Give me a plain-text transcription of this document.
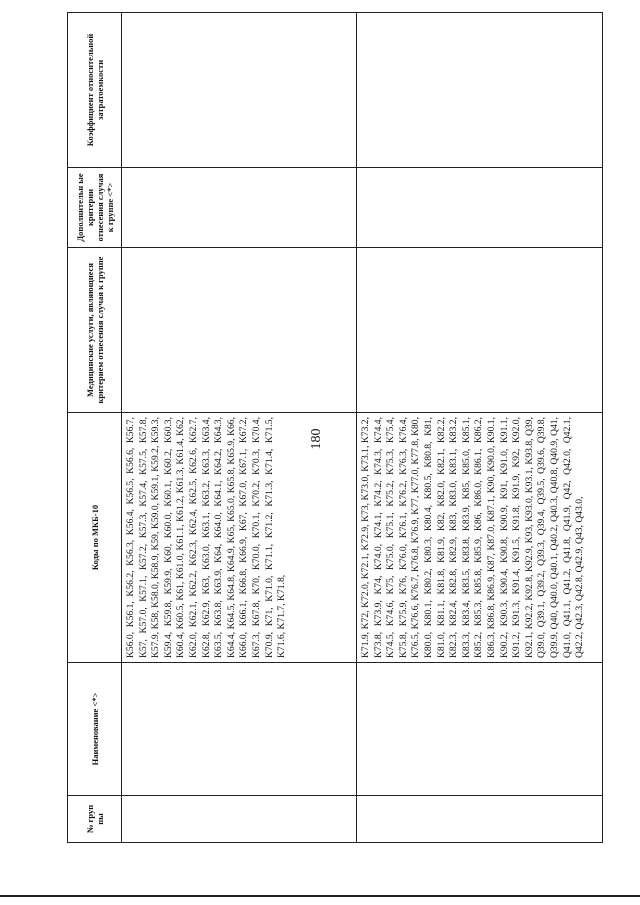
180
№ груп пы	Наименование <*>	Коды по МКБ-10	Медицинские услуги, являющиеся критерием отнесения случая к группе	Дополнительн ые критерии отнесения случая к группе <*>	Коэффициент относительной затратоемкости

		K56.0, K56.1, K56.2, K56.3, K56.4, K56.5, K56.6, K56.7, K57, K57.0, K57.1, K57.2, K57.3, K57.4, K57.5, K57.8, K57.9, K58, K58.0, K58.9, K59, K59.0, K59.1, K59.2, K59.3, K59.4, K59.8, K59.9, K60, K60.0, K60.1, K60.2, K60.3, K60.4, K60.5, K61, K61.0, K61.1, K61.2, K61.3, K61.4, K62, K62.0, K62.1, K62.2, K62.3, K62.4, K62.5, K62.6, K62.7, K62.8, K62.9, K63, K63.0, K63.1, K63.2, K63.3, K63.4, K63.5, K63.8, K63.9, K64, K64.0, K64.1, K64.2, K64.3, K64.4, K64.5, K64.8, K64.9, K65, K65.0, K65.8, K65.9, K66, K66.0, K66.1, K66.8, K66.9, K67, K67.0, K67.1, K67.2, K67.3, K67.8, K70, K70.0, K70.1, K70.2, K70.3, K70.4, K70.9, K71, K71.0, K71.1, K71.2, K71.3, K71.4, K71.5, K71.6, K71.7, K71.8,			

		K71.9, K72, K72.0, K72.1, K72.9, K73, K73.0, K73.1, K73.2, K73.8, K73.9, K74, K74.0, K74.1, K74.2, K74.3, K74.4, K74.5, K74.6, K75, K75.0, K75.1, K75.2, K75.3, K75.4, K75.8, K75.9, K76, K76.0, K76.1, K76.2, K76.3, K76.4, K76.5, K76.6, K76.7, K76.8, K76.9, K77, K77.0, K77.8, K80, K80.0, K80.1, K80.2, K80.3, K80.4, K80.5, K80.8, K81, K81.0, K81.1, K81.8, K81.9, K82, K82.0, K82.1, K82.2, K82.3, K82.4, K82.8, K82.9, K83, K83.0, K83.1, K83.2, K83.3, K83.4, K83.5, K83.8, K83.9, K85, K85.0, K85.1, K85.2, K85.3, K85.8, K85.9, K86, K86.0, K86.1, K86.2, K86.3, K86.8, K86.9, K87, K87.0, K87.1, K90, K90.0, K90.1, K90.2, K90.3, K90.4, K90.8, K90.9, K91, K91.0, K91.1, K91.2, K91.3, K91.4, K91.5, K91.8, K91.9, K92, K92.0, K92.1, K92.2, K92.8, K92.9, K93, K93.0, K93.1, K93.8, Q39, Q39.0, Q39.1, Q39.2, Q39.3, Q39.4, Q39.5, Q39.6, Q39.8, Q39.9, Q40, Q40.0, Q40.1, Q40.2, Q40.3, Q40.8, Q40.9, Q41, Q41.0, Q41.1, Q41.2, Q41.8, Q41.9, Q42, Q42.0, Q42.1, Q42.2, Q42.3, Q42.8, Q42.9, Q43, Q43.0,			
